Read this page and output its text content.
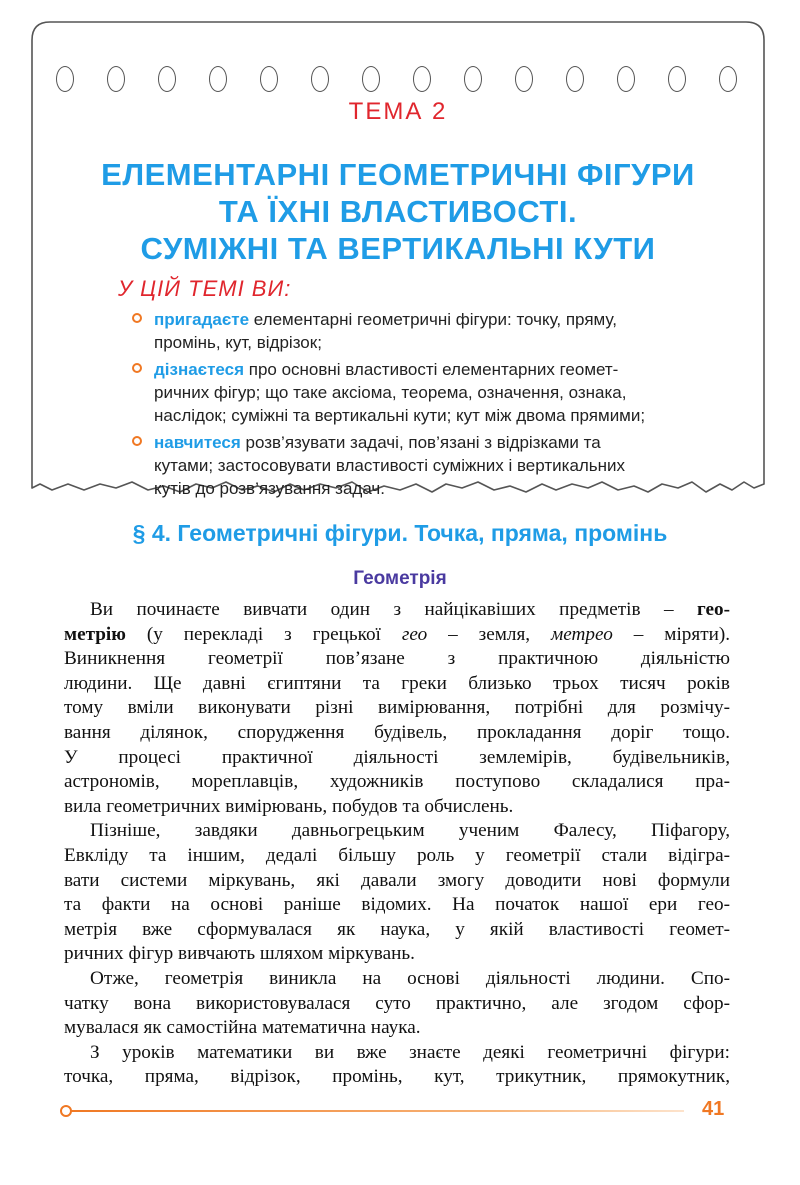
ТЕМА 2
ЕЛЕМЕНТАРНІ ГЕОМЕТРИЧНІ ФІГУРИ
ТА ЇХНІ ВЛАСТИВОСТІ.
СУМІЖНІ ТА ВЕРТИКАЛЬНІ КУТИ
У ЦІЙ ТЕМІ ВИ:
пригадаєте елементарні геометричні фігури: точку, пряму,
промінь, кут, відрізок;
дізнаєтеся про основні властивості елементарних геомет-
ричних фігур; що таке аксіома, теорема, означення, ознака,
наслідок; суміжні та вертикальні кути; кут між двома прямими;
навчитеся розв’язувати задачі, пов’язані з відрізками та
кутами; застосовувати властивості суміжних і вертикальних
кутів до розв’язування задач.
§ 4. Геометричні фігури. Точка, пряма, промінь
Геометрія

Ви починаєте вивчати один з найцікавіших предметів – гео-

метрію (у перекладі з грецької гео – земля, метрео – міряти).

Виникнення геометрії пов’язане з практичною діяльністю

людини. Ще давні єгиптяни та греки близько трьох тисяч років

тому вміли виконувати різні вимірювання, потрібні для розмічу-

вання ділянок, спорудження будівель, прокладання доріг тощо.

У процесі практичної діяльності землемірів, будівельників,

астрономів, мореплавців, художників поступово складалися пра-

вила геометричних вимірювань, побудов та обчислень.

Пізніше, завдяки давньогрецьким ученим Фалесу, Піфагору,

Евкліду та іншим, дедалі більшу роль у геометрії стали відігра-

вати системи міркувань, які давали змогу доводити нові формули

та факти на основі раніше відомих. На початок нашої ери гео-

метрія вже сформувалася як наука, у якій властивості геомет-

ричних фігур вивчають шляхом міркувань.

Отже, геометрія виникла на основі діяльності людини. Спо-

чатку вона використовувалася суто практично, але згодом сфор-

мувалася як самостійна математична наука.

З уроків математики ви вже знаєте деякі геометричні фігури:

точка, пряма, відрізок, промінь, кут, трикутник, прямокутник,

41
